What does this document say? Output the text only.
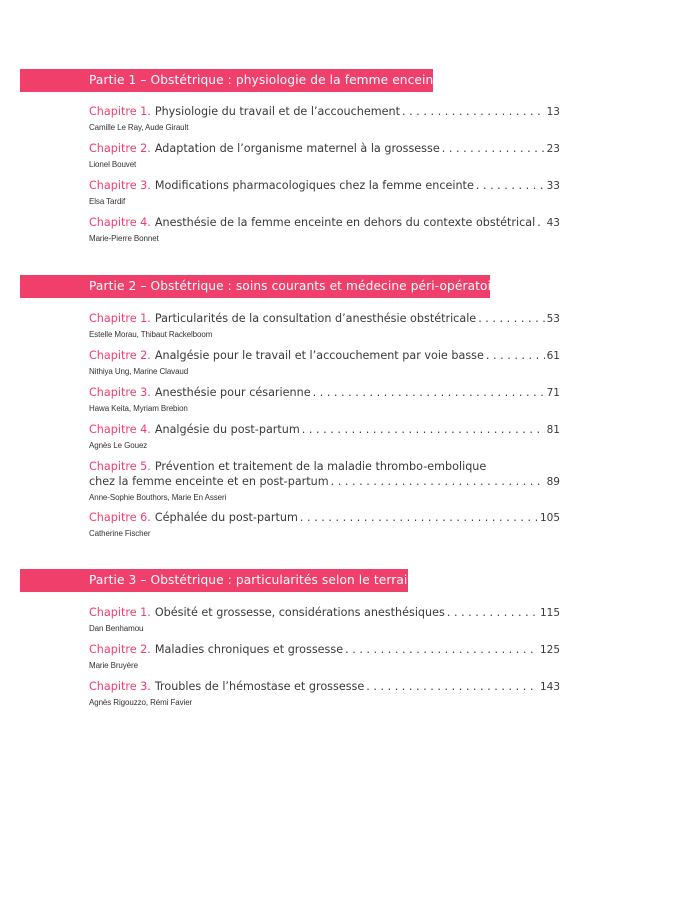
Partie 1 – Obstétrique : physiologie de la femme enceinte
Chapitre 1. Physiologie du travail et de l’accouchement . . .	13
Camille Le Ray, Aude Girault
Chapitre 2. Adaptation de l’organisme maternel à la grossesse . . .	23
Lionel Bouvet
Chapitre 3. Modifications pharmacologiques chez la femme enceinte . . .	33
Elsa Tardif
Chapitre 4. Anesthésie de la femme enceinte en dehors du contexte obstétrical . . . 43
Marie-Pierre Bonnet
Partie 2 – Obstétrique : soins courants et médecine péri-opératoire
Chapitre 1. Particularités de la consultation d’anesthésie obstétricale . . .	53
Estelle Morau, Thibaut Rackelboom
Chapitre 2. Analgésie pour le travail et l’accouchement par voie basse . . .	61
Nithiya Ung, Marine Clavaud
Chapitre 3. Anesthésie pour césarienne . . .	71
Hawa Keita, Myriam Brebion
Chapitre 4. Analgésie du post-partum . . .	81
Agnès Le Gouez
Chapitre 5. Prévention et traitement de la maladie thrombo-embolique
chez la femme enceinte et en post-partum . . .	89
Anne-Sophie Bouthors, Marie En Asseri
Chapitre 6. Céphalée du post-partum . . .	105
Catherine Fischer
Partie 3 – Obstétrique : particularités selon le terrain
Chapitre 1. Obésité et grossesse, considérations anesthésiques . . .	115
Dan Benhamou
Chapitre 2. Maladies chroniques et grossesse . . .	125
Marie Bruyère
Chapitre 3. Troubles de l’hémostase et grossesse . . .	143
Agnès Rigouzzo, Rémi Favier
